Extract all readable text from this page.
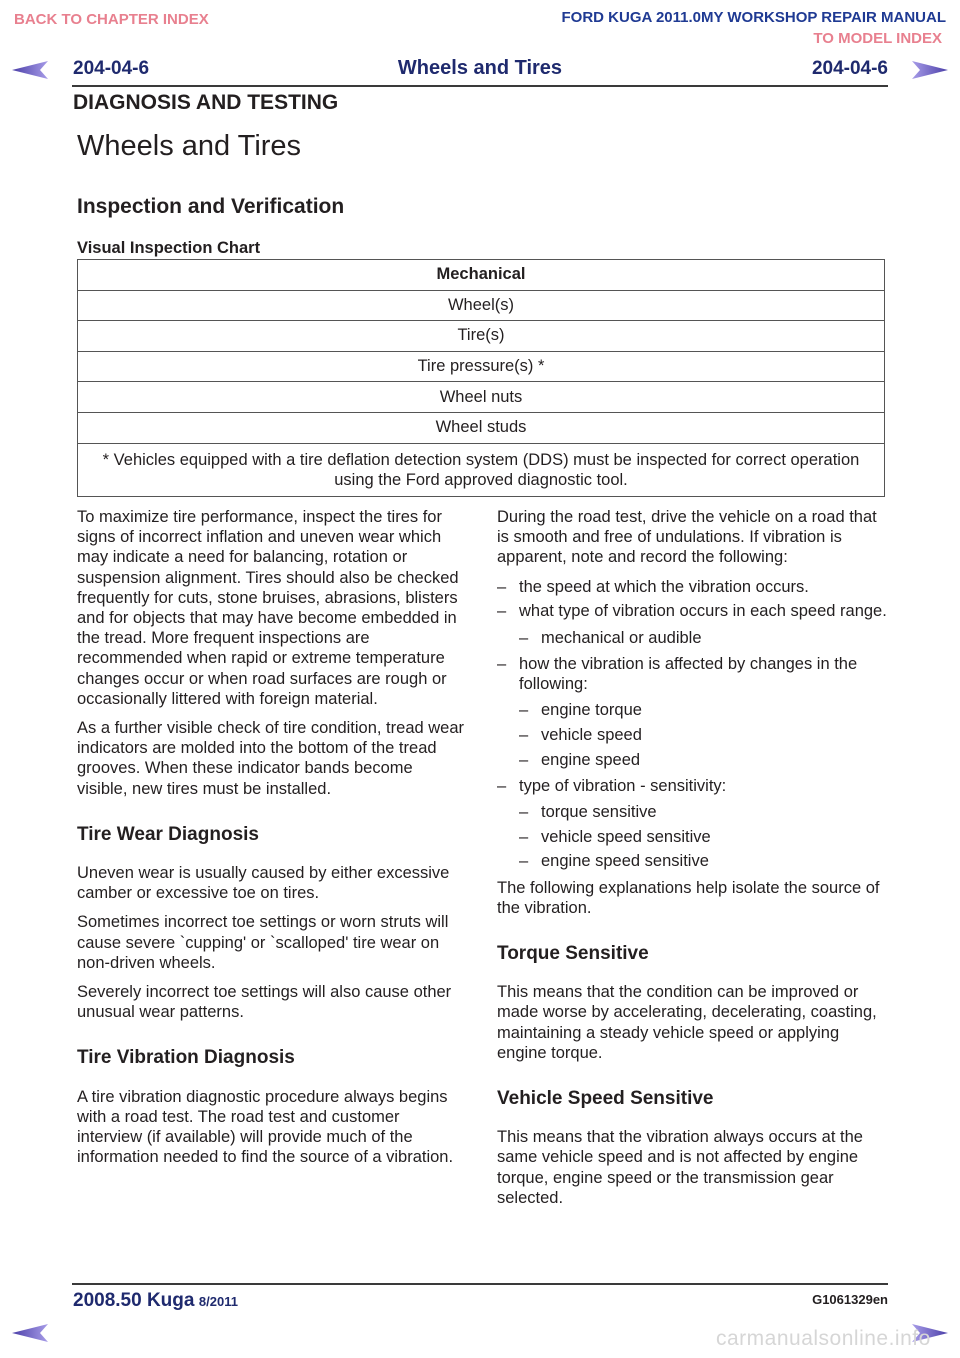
BACK TO CHAPTER INDEX	FORD KUGA 2011.0MY WORKSHOP REPAIR MANUAL
TO MODEL INDEX
204-04-6	Wheels and Tires	204-04-6
DIAGNOSIS AND TESTING
Wheels and Tires
Inspection and Verification
Visual Inspection Chart
Mechanical
Wheel(s)
Tire(s)
Tire pressure(s) *
Wheel nuts
Wheel studs
* Vehicles equipped with a tire deflation detection system (DDS) must be inspected for correct operation using the Ford approved diagnostic tool.

To maximize tire performance, inspect the tires for signs of incorrect inflation and uneven wear which may indicate a need for balancing, rotation or suspension alignment. Tires should also be checked frequently for cuts, stone bruises, abrasions, blisters and for objects that may have become embedded in the tread. More frequent inspections are recommended when rapid or extreme temperature changes occur or when road surfaces are rough or occasionally littered with foreign material.

As a further visible check of tire condition, tread wear indicators are molded into the bottom of the tread grooves. When these indicator bands become visible, new tires must be installed.

Tire Wear Diagnosis

Uneven wear is usually caused by either excessive camber or excessive toe on tires.

Sometimes incorrect toe settings or worn struts will cause severe `cupping' or `scalloped' tire wear on non-driven wheels.

Severely incorrect toe settings will also cause other unusual wear patterns.

Tire Vibration Diagnosis

A tire vibration diagnostic procedure always begins with a road test. The road test and customer interview (if available) will provide much of the information needed to find the source of a vibration.

During the road test, drive the vehicle on a road that is smooth and free of undulations. If vibration is apparent, note and record the following:

– the speed at which the vibration occurs.
– what type of vibration occurs in each speed range.
– mechanical or audible
– how the vibration is affected by changes in the following:
– engine torque
– vehicle speed
– engine speed
– type of vibration - sensitivity:
– torque sensitive
– vehicle speed sensitive
– engine speed sensitive

The following explanations help isolate the source of the vibration.

Torque Sensitive

This means that the condition can be improved or made worse by accelerating, decelerating, coasting, maintaining a steady vehicle speed or applying engine torque.

Vehicle Speed Sensitive

This means that the vibration always occurs at the same vehicle speed and is not affected by engine torque, engine speed or the transmission gear selected.

2008.50 Kuga 8/2011	G1061329en
carmanualsonline.info
